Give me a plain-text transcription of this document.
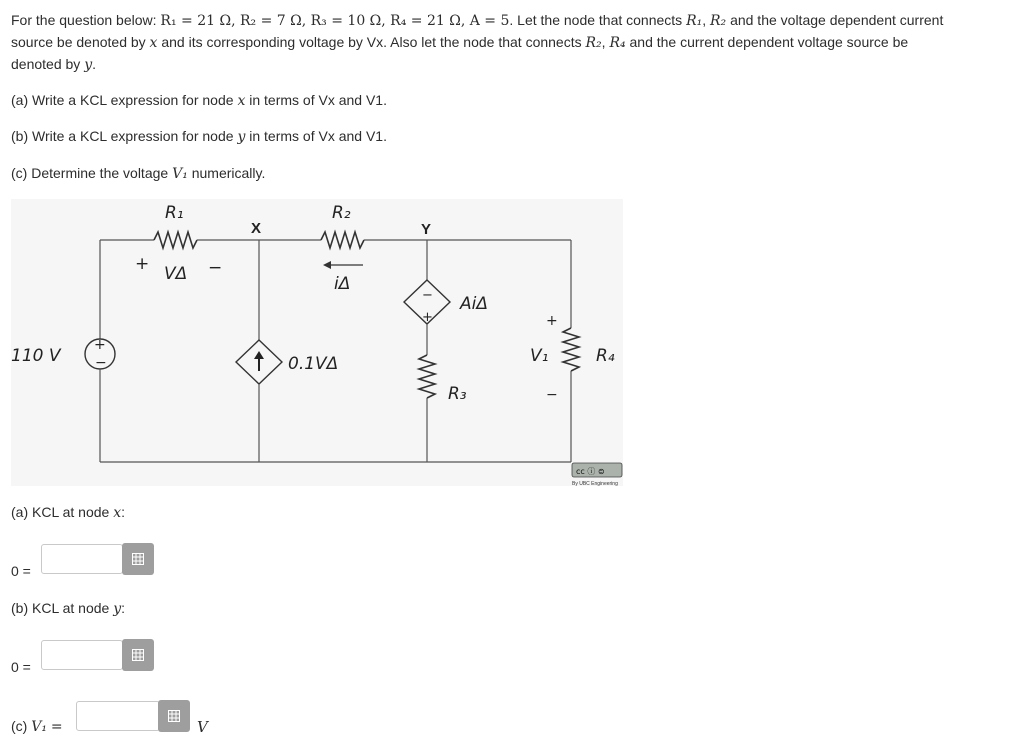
For the question below: R₁ = 21 Ω, R₂ = 7 Ω, R₃ = 10 Ω, R₄ = 21 Ω, A = 5. Let the node that connects R₁, R₂ and the voltage dependent current
source be denoted by x and its corresponding voltage by Vx. Also let the node that connects R₂, R₄ and the current dependent voltage source be
denoted by y.
(a) Write a KCL expression for node x in terms of Vx and V1.
(b) Write a KCL expression for node y in terms of Vx and V1.
(c) Determine the voltage V₁ numerically.
R₁	R₂
X	Y
+ VΔ −
iΔ
110 V
+
−	0.1VΔ
−
+
AiΔ
R₃
+
V₁
−
R₄
cc ⓘ ⊜
By UBC Engineering
(a) KCL at node x:
0 =
(b) KCL at node y:
0 =
(c) V₁ =	V
